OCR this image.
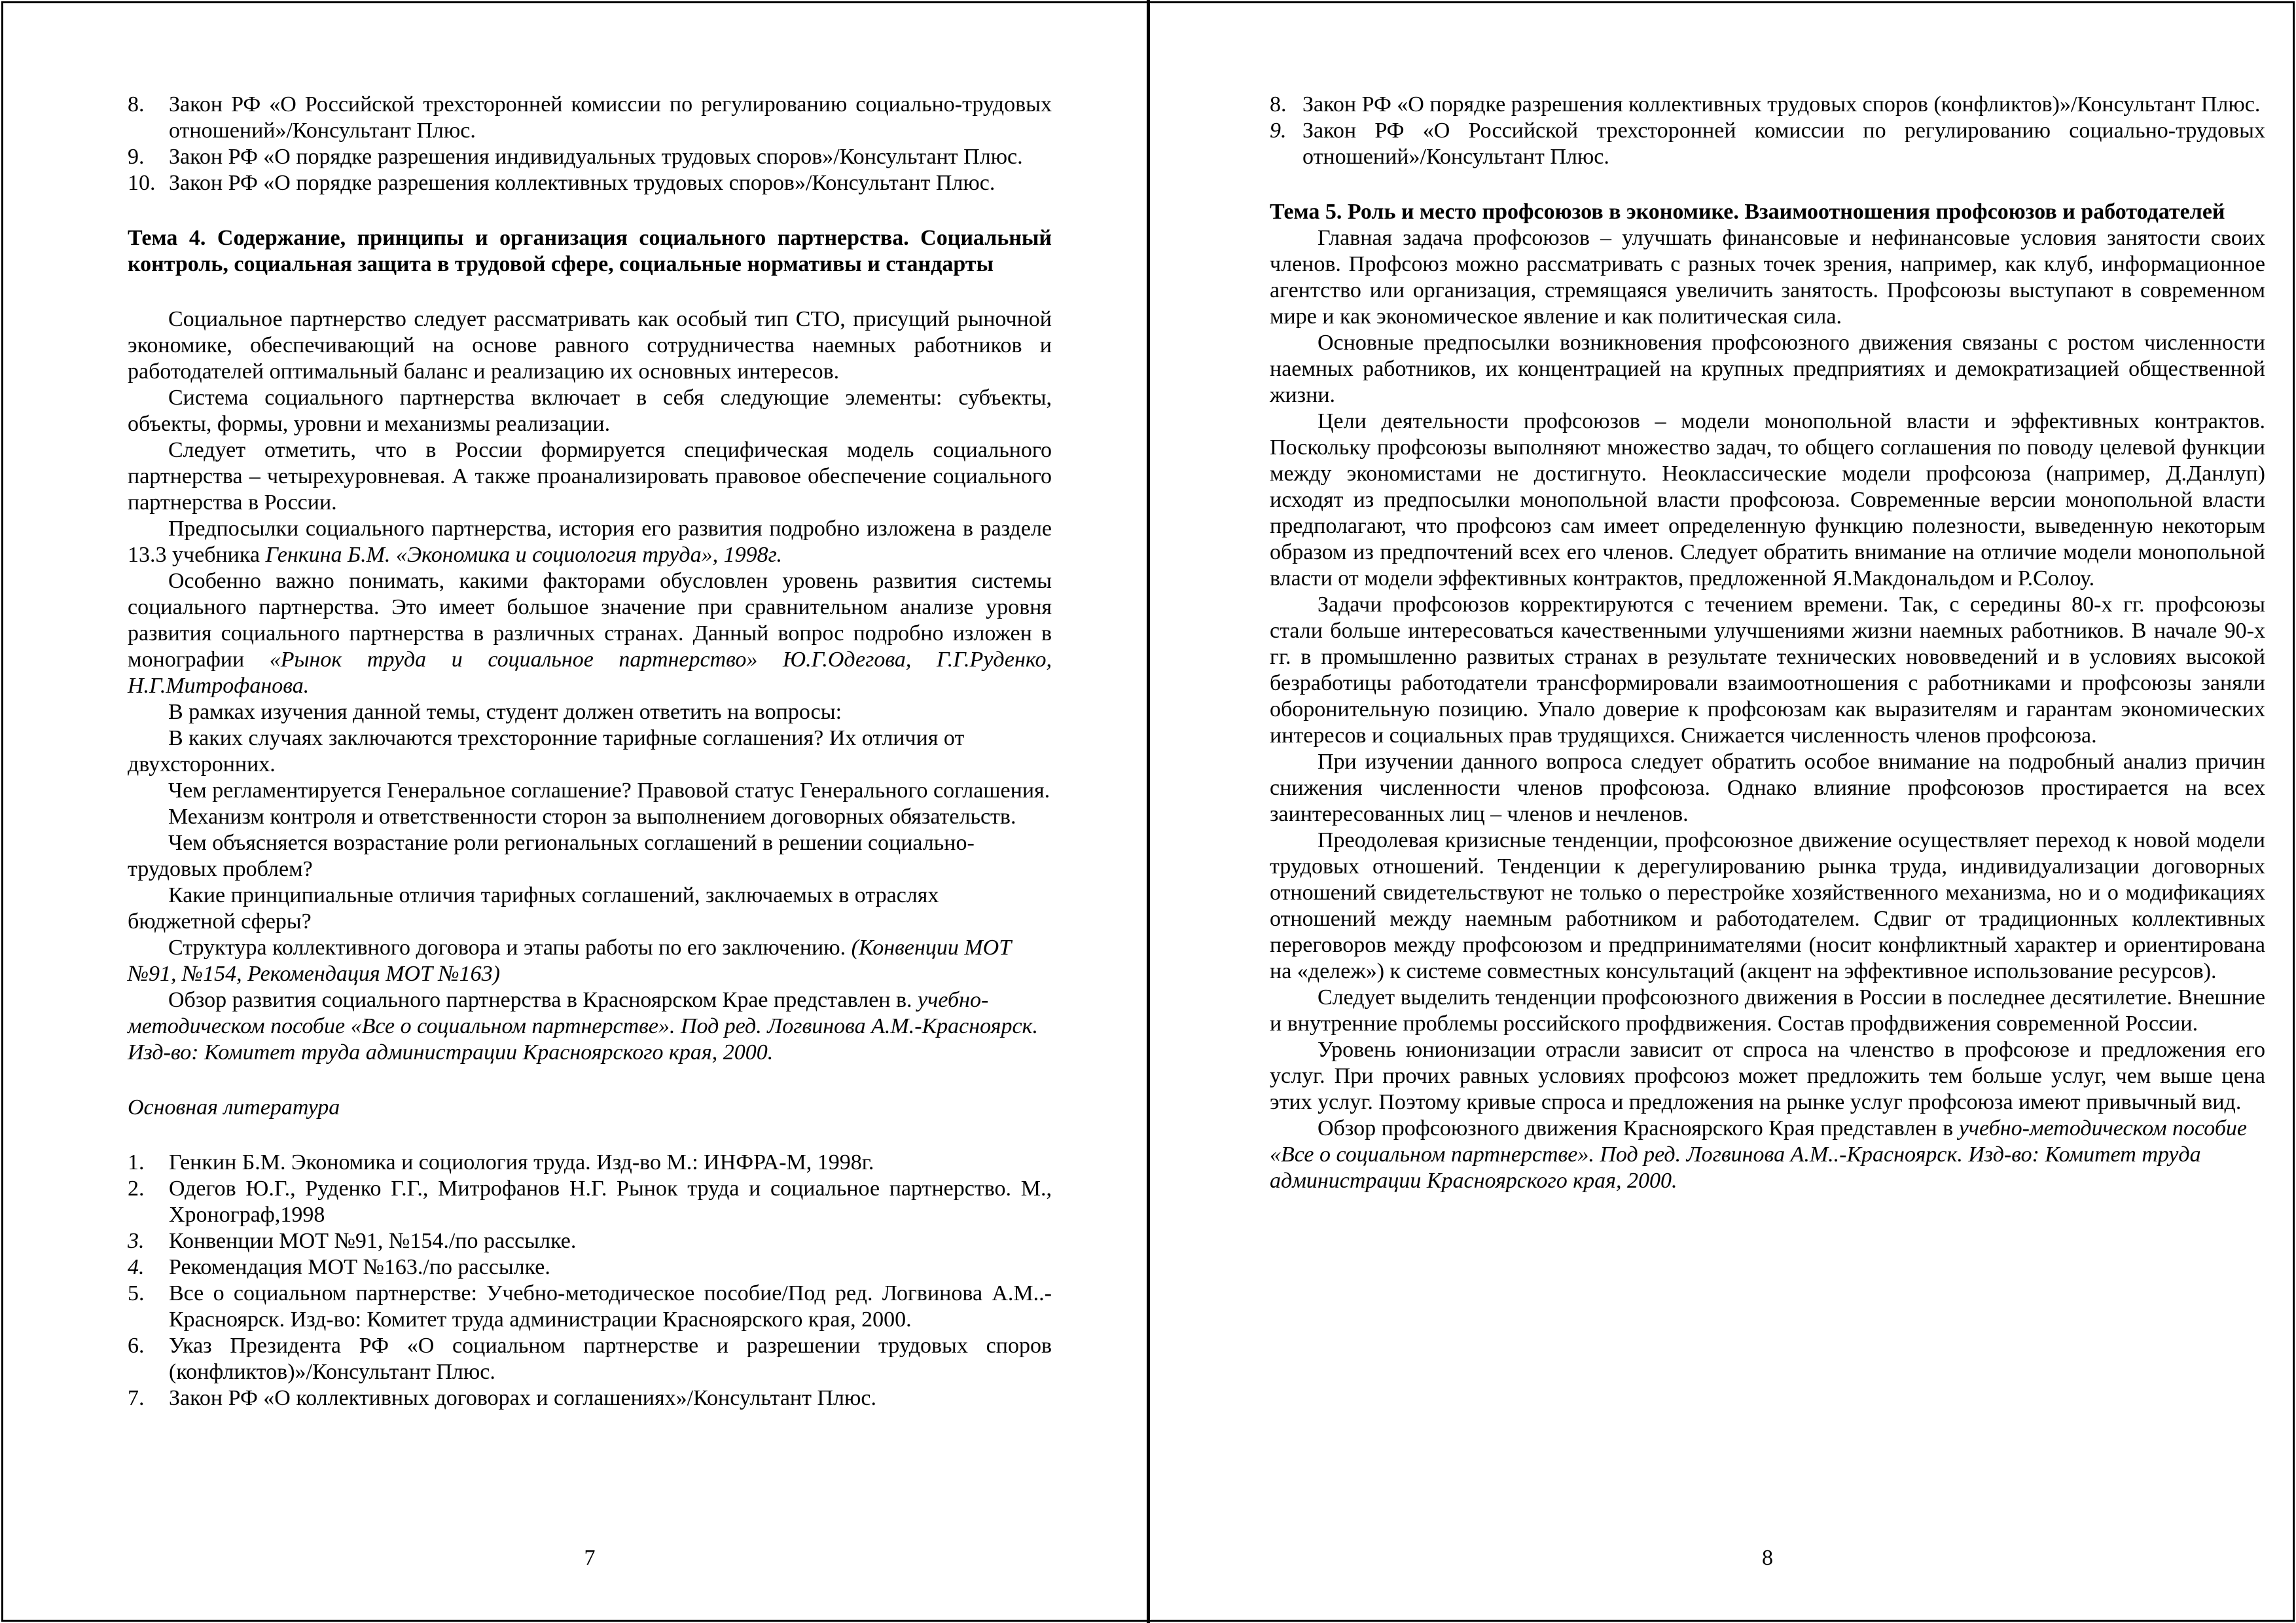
8. Закон РФ «О Российской трехсторонней комиссии по регулированию социально-трудовых отношений»/Консультант Плюс.
9. Закон РФ «О порядке разрешения индивидуальных трудовых споров»/Консультант Плюс.
10. Закон РФ «О порядке разрешения коллективных трудовых споров»/Консультант Плюс.
Тема 4. Содержание, принципы и организация социального партнерства. Социальный контроль, социальная защита в трудовой сфере, социальные нормативы и стандарты
Социальное партнерство следует рассматривать как особый тип СТО, присущий рыночной экономике, обеспечивающий на основе равного сотрудничества наемных работников и работодателей оптимальный баланс и реализацию их основных интересов.
Система социального партнерства включает в себя следующие элементы: субъекты, объекты, формы, уровни и механизмы реализации.
Следует отметить, что в России формируется специфическая модель социального партнерства – четырехуровневая. А также проанализировать правовое обеспечение социального партнерства в России.
Предпосылки социального партнерства, история его развития подробно изложена в разделе 13.3 учебника Генкина Б.М. «Экономика и социология труда», 1998г.
Особенно важно понимать, какими факторами обусловлен уровень развития системы социального партнерства. Это имеет большое значение при сравнительном анализе уровня развития социального партнерства в различных странах. Данный вопрос подробно изложен в монографии «Рынок труда и социальное партнерство» Ю.Г.Одегова, Г.Г.Руденко, Н.Г.Митрофанова.
В рамках изучения данной темы, студент должен ответить на вопросы:
В каких случаях заключаются трехсторонние тарифные соглашения? Их отличия от двухсторонних.
Чем регламентируется Генеральное соглашение? Правовой статус Генерального соглашения.
Механизм контроля и ответственности сторон за выполнением договорных обязательств.
Чем объясняется возрастание роли региональных соглашений в решении социально-трудовых проблем?
Какие принципиальные отличия тарифных соглашений, заключаемых в отраслях бюджетной сферы?
Структура коллективного договора и этапы работы по его заключению. (Конвенции МОТ №91, №154, Рекомендация МОТ №163)
Обзор развития социального партнерства в Красноярском Крае представлен в. учебно-методическом пособие «Все о социальном партнерстве». Под ред. Логвинова А.М.-Красноярск. Изд-во: Комитет труда администрации Красноярского края, 2000.
Основная литература
1. Генкин Б.М. Экономика и социология труда. Изд-во М.: ИНФРА-М, 1998г.
2. Одегов Ю.Г., Руденко Г.Г., Митрофанов Н.Г. Рынок труда и социальное партнерство. М., Хронограф,1998
3. Конвенции МОТ №91, №154./по рассылке.
4. Рекомендация МОТ №163./по рассылке.
5. Все о социальном партнерстве: Учебно-методическое пособие/Под ред. Логвинова А.М..-Красноярск. Изд-во: Комитет труда администрации Красноярского края, 2000.
6. Указ Президента РФ «О социальном партнерстве и разрешении трудовых споров (конфликтов)»/Консультант Плюс.
7. Закон РФ «О коллективных договорах и соглашениях»/Консультант Плюс.
8. Закон РФ «О порядке разрешения коллективных трудовых споров (конфликтов)»/Консультант Плюс.
9. Закон РФ «О Российской трехсторонней комиссии по регулированию социально-трудовых отношений»/Консультант Плюс.
Тема 5. Роль и место профсоюзов в экономике. Взаимоотношения профсоюзов и работодателей
Главная задача профсоюзов – улучшать финансовые и нефинансовые условия занятости своих членов. Профсоюз можно рассматривать с разных точек зрения, например, как клуб, информационное агентство или организация, стремящаяся увеличить занятость. Профсоюзы выступают в современном мире и как экономическое явление и как политическая сила.
Основные предпосылки возникновения профсоюзного движения связаны с ростом численности наемных работников, их концентрацией на крупных предприятиях и демократизацией общественной жизни.
Цели деятельности профсоюзов – модели монопольной власти и эффективных контрактов. Поскольку профсоюзы выполняют множество задач, то общего соглашения по поводу целевой функции между экономистами не достигнуто. Неоклассические модели профсоюза (например, Д.Данлуп) исходят из предпосылки монопольной власти профсоюза. Современные версии монопольной власти предполагают, что профсоюз сам имеет определенную функцию полезности, выведенную некоторым образом из предпочтений всех его членов. Следует обратить внимание на отличие модели монопольной власти от модели эффективных контрактов, предложенной Я.Макдональдом и Р.Солоу.
Задачи профсоюзов корректируются с течением времени. Так, с середины 80-х гг. профсоюзы стали больше интересоваться качественными улучшениями жизни наемных работников. В начале 90-х гг. в промышленно развитых странах в результате технических нововведений и в условиях высокой безработицы работодатели трансформировали взаимоотношения с работниками и профсоюзы заняли оборонительную позицию. Упало доверие к профсоюзам как выразителям и гарантам экономических интересов и социальных прав трудящихся. Снижается численность членов профсоюза.
При изучении данного вопроса следует обратить особое внимание на подробный анализ причин снижения численности членов профсоюза. Однако влияние профсоюзов простирается на всех заинтересованных лиц – членов и нечленов.
Преодолевая кризисные тенденции, профсоюзное движение осуществляет переход к новой модели трудовых отношений. Тенденции к дерегулированию рынка труда, индивидуализации договорных отношений свидетельствуют не только о перестройке хозяйственного механизма, но и о модификациях отношений между наемным работником и работодателем. Сдвиг от традиционных коллективных переговоров между профсоюзом и предпринимателями (носит конфликтный характер и ориентирована на «дележ») к системе совместных консультаций (акцент на эффективное использование ресурсов).
Следует выделить тенденции профсоюзного движения в России в последнее десятилетие. Внешние и внутренние проблемы российского профдвижения. Состав профдвижения современной России.
Уровень юнионизации отрасли зависит от спроса на членство в профсоюзе и предложения его услуг. При прочих равных условиях профсоюз может предложить тем больше услуг, чем выше цена этих услуг. Поэтому кривые спроса и предложения на рынке услуг профсоюза имеют привычный вид.
Обзор профсоюзного движения Красноярского Края представлен в учебно-методическом пособие «Все о социальном партнерстве». Под ред. Логвинова А.М..-Красноярск. Изд-во: Комитет труда администрации Красноярского края, 2000.
7	8
